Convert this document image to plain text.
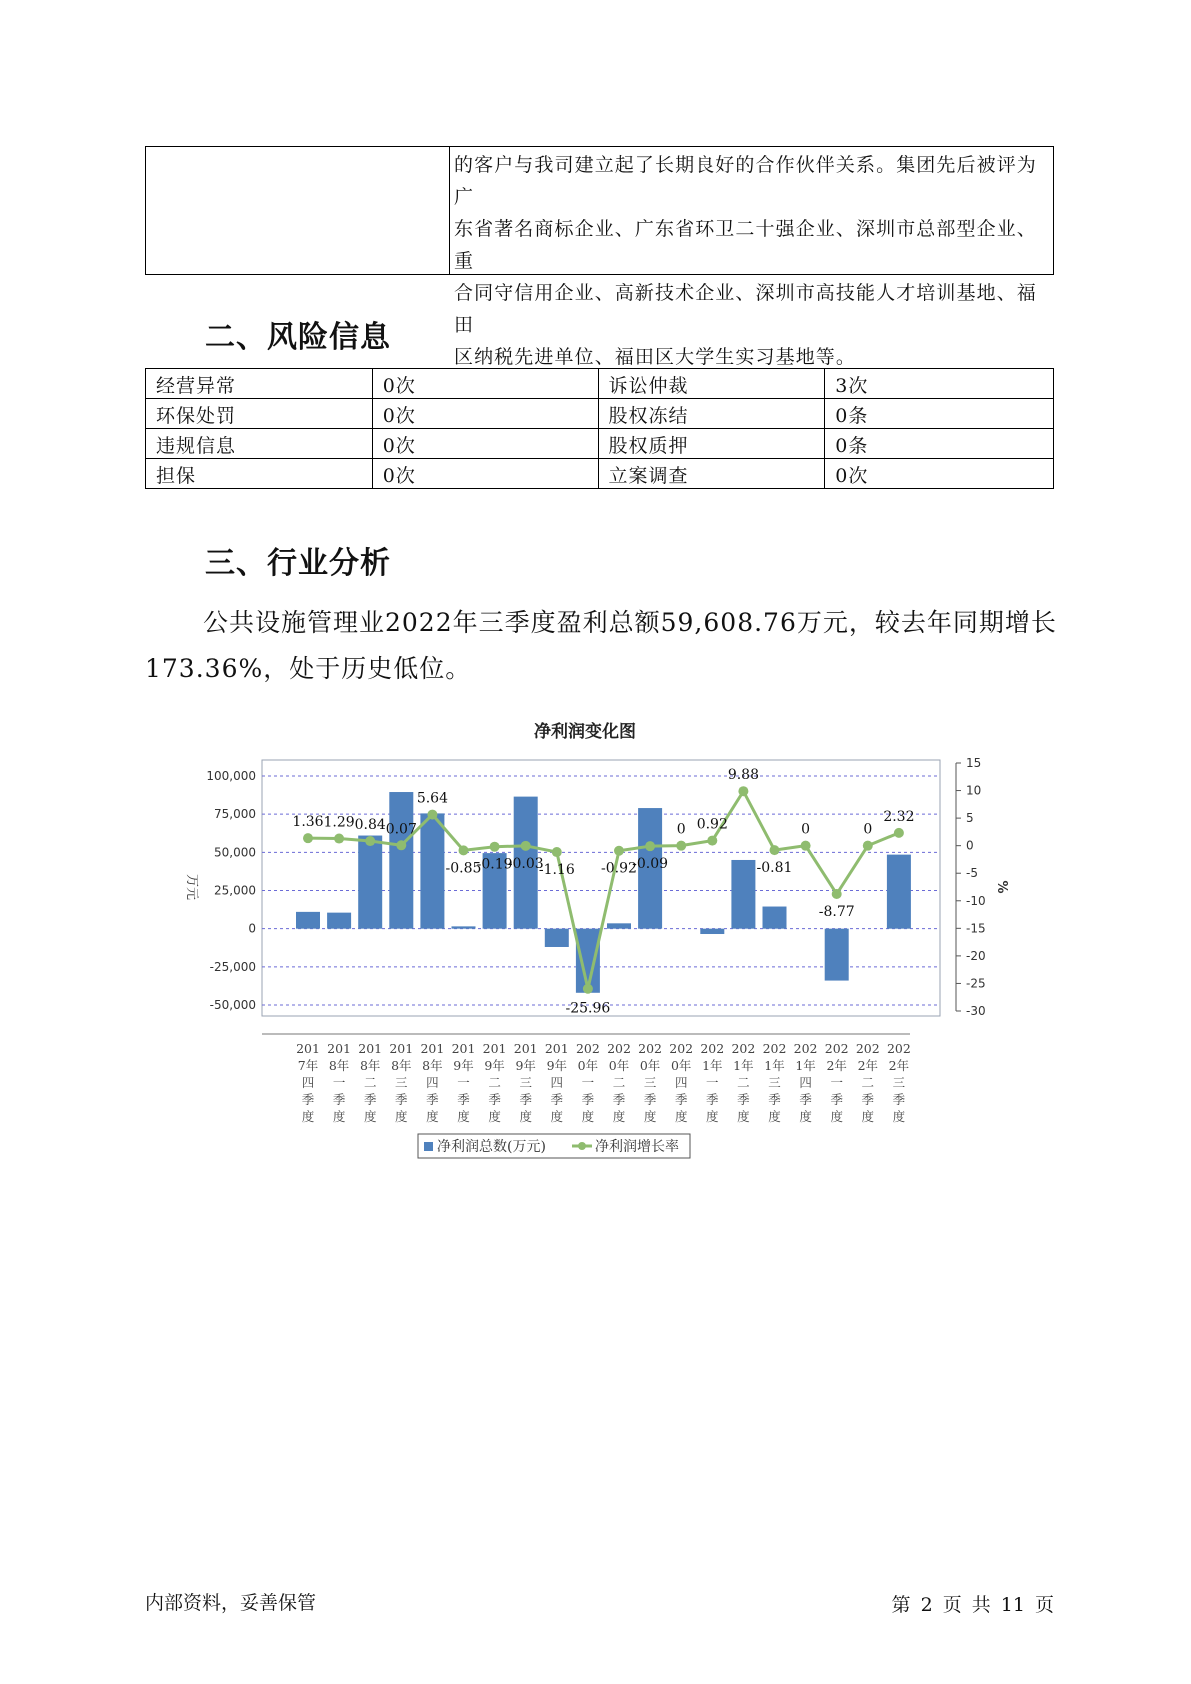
的客户与我司建立起了长期良好的合作伙伴关系。集团先后被评为广
东省著名商标企业、广东省环卫二十强企业、深圳市总部型企业、重
合同守信用企业、高新技术企业、深圳市高技能人才培训基地、福田
区纳税先进单位、福田区大学生实习基地等。
二、风险信息
经营异常	0次	诉讼仲裁	3次
环保处罚	0次	股权冻结	0条
违规信息	0次	股权质押	0条
担保	0次	立案调查	0次
三、行业分析
公共设施管理业2022年三季度盈利总额59,608.76万元，较去年同期增长173.36%，处于历史低位。
净利润变化图
100,000
75,000
50,000
25,000
0
-25,000
-50,000
15
10
5
0
-5
-10
-15
-20
-25
-30
万元	%
201
7年
四
季
度
201
8年
一
季
度
201
8年
二
季
度
201
8年
三
季
度
201
8年
四
季
度
201
9年
一
季
度
201
9年
二
季
度
201
9年
三
季
度
201
9年
四
季
度
202
0年
一
季
度
202
0年
二
季
度
202
0年
三
季
度
202
0年
四
季
度
202
1年
一
季
度
202
1年
二
季
度
202
1年
三
季
度
202
1年
四
季
度
202
2年
一
季
度
202
2年
二
季
度
202
2年
三
季
度
1.36 1.29 0.84 0.07
5.64
-0.85
-0.19
-0.03
-1.16
-25.96
-0.92
-0.09
0 0.92
9.88
-0.81
0
-8.77
0
2.32
净利润总数(万元)	净利润增长率
内部资料，妥善保管	第 2 页 共 11 页
